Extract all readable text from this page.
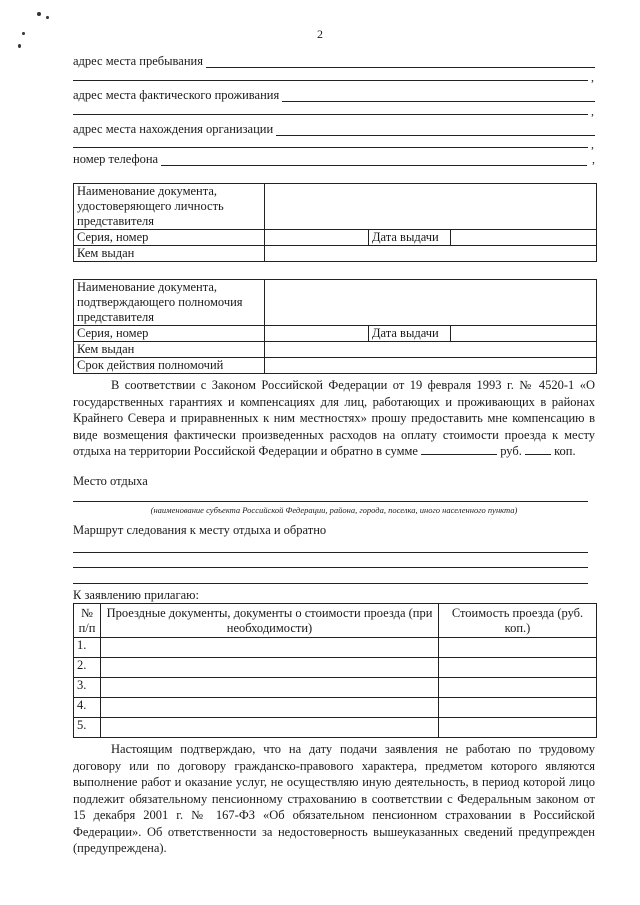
2
адрес места пребывания
,
адрес места фактического проживания
,
адрес места нахождения организации
,
номер телефона	,
Наименование документа, удостоверяющего личность представителя			
Серия, номер		Дата выдачи	
Кем выдан			
Наименование документа, подтверждающего полномочия представителя			
Серия, номер		Дата выдачи	
Кем выдан			
Срок действия полномочий			
В соответствии с Законом Российской Федерации от 19 февраля 1993 г. № 4520-1 «О государственных гарантиях и компенсациях для лиц, работающих и проживающих в районах Крайнего Севера и приравненных к ним местностях» прошу предоставить мне компенсацию в виде возмещения фактически произведенных расходов на оплату стоимости проезда к месту отдыха на территории Российской Федерации и обратно в сумме	руб.	коп.
Место отдыха
(наименование субъекта Российской Федерации, района, города, поселка, иного населенного пункта)
Маршрут следования к месту отдыха и обратно
К заявлению прилагаю:
№ п/п	Проездные документы, документы о стоимости проезда (при необходимости)	Стоимость проезда (руб. коп.)
1.		
2.		
3.		
4.		
5.		
Настоящим подтверждаю, что на дату подачи заявления не работаю по трудовому договору или по договору гражданско-правового характера, предметом которого являются выполнение работ и оказание услуг, не осуществляю иную деятельность, в период которой лицо подлежит обязательному пенсионному страхованию в соответствии с Федеральным законом от 15 декабря 2001 г. № 167-ФЗ «Об обязательном пенсионном страховании в Российской Федерации». Об ответственности за недостоверность вышеуказанных сведений предупрежден (предупреждена).
